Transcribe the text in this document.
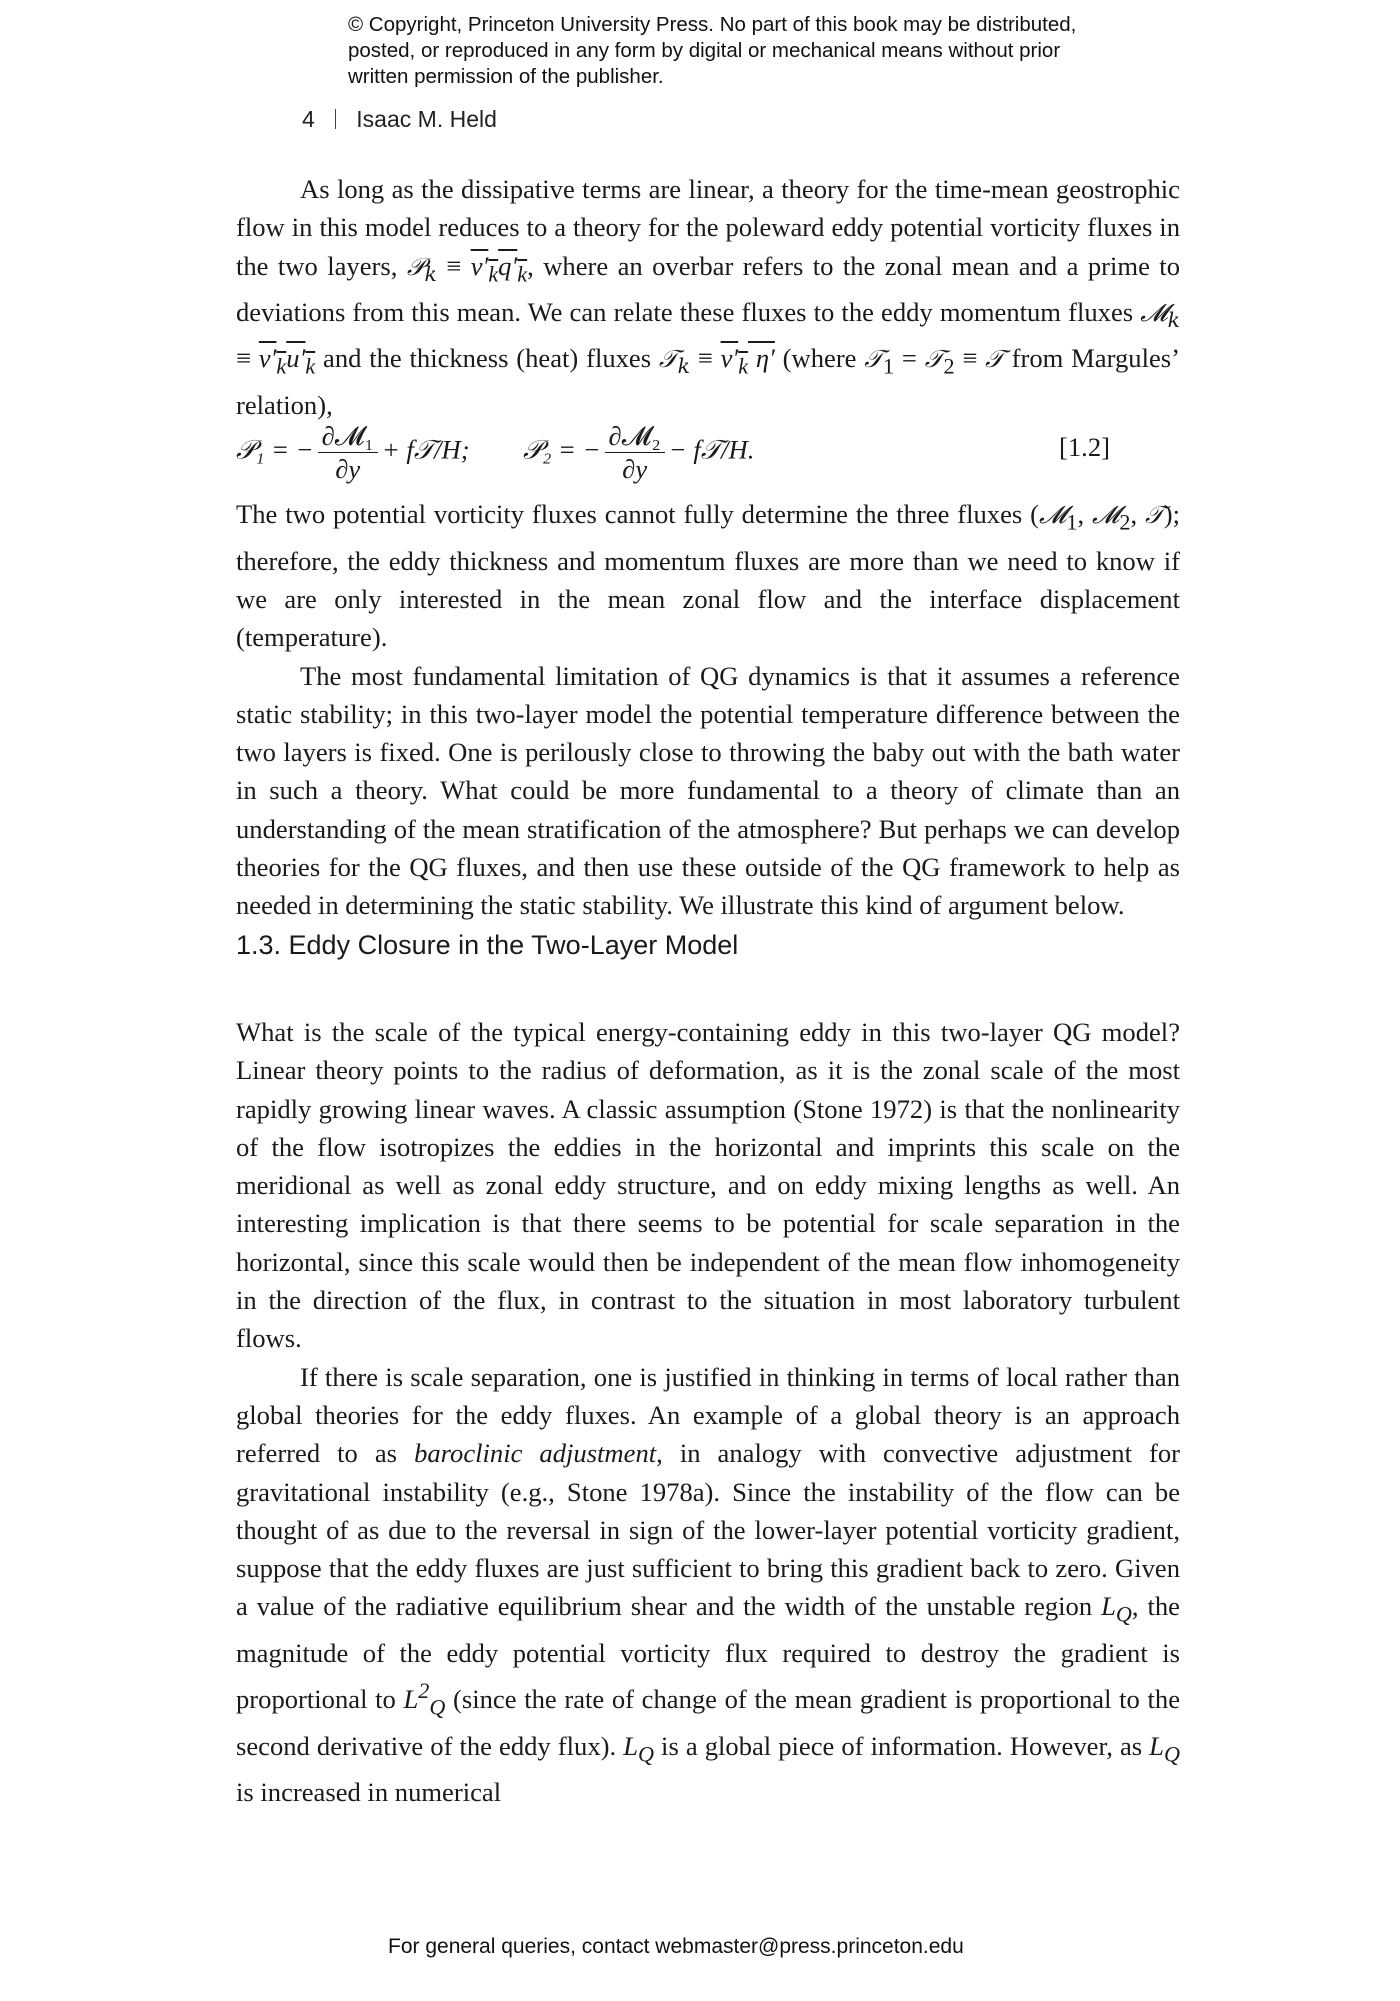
© Copyright, Princeton University Press. No part of this book may be distributed, posted, or reproduced in any form by digital or mechanical means without prior written permission of the publisher.
4 Isaac M. Held

As long as the dissipative terms are linear, a theory for the time-mean geostrophic flow in this model reduces to a theory for the poleward eddy potential vorticity fluxes in the two layers, 𝒫$_k$ ≡ $v'_kq'_k$, where an overbar refers to the zonal mean and a prime to deviations from this mean. We can relate these fluxes to the eddy momentum fluxes 𝓜$_k$ ≡ $v'_ku'_k$ and the thickness (heat) fluxes 𝒯$_k$ ≡ $v'_k$ η′ (where 𝒯$_1$ = 𝒯$_2$ ≡ 𝒯 from Margules’ relation),

𝒫₁ = − $\frac{\text{∂𝓜₁}}{\partial y}$ + f𝒯/H; 𝒫₂ = − $\frac{\text{∂𝓜₂}}{\partial y}$ − f𝒯/H.	[1.2]

The two potential vorticity fluxes cannot fully determine the three fluxes (𝓜$_1$, 𝓜$_2$, 𝒯); therefore, the eddy thickness and momentum fluxes are more than we need to know if we are only interested in the mean zonal flow and the interface displacement (temperature).

The most fundamental limitation of QG dynamics is that it assumes a reference static stability; in this two-layer model the potential temperature difference between the two layers is fixed. One is perilously close to throwing the baby out with the bath water in such a theory. What could be more fundamental to a theory of climate than an understanding of the mean stratification of the atmosphere? But perhaps we can develop theories for the QG fluxes, and then use these outside of the QG framework to help as needed in determining the static stability. We illustrate this kind of argument below.

1.3. Eddy Closure in the Two-Layer Model

What is the scale of the typical energy-containing eddy in this two-layer QG model? Linear theory points to the radius of deformation, as it is the zonal scale of the most rapidly growing linear waves. A classic assumption (Stone 1972) is that the nonlinearity of the flow isotropizes the eddies in the horizontal and imprints this scale on the meridional as well as zonal eddy structure, and on eddy mixing lengths as well. An interesting implication is that there seems to be potential for scale separation in the horizontal, since this scale would then be independent of the mean flow inhomogeneity in the direction of the flux, in contrast to the situation in most laboratory turbulent flows.

If there is scale separation, one is justified in thinking in terms of local rather than global theories for the eddy fluxes. An example of a global theory is an approach referred to as baroclinic adjustment, in analogy with convective adjustment for gravitational instability (e.g., Stone 1978a). Since the instability of the flow can be thought of as due to the reversal in sign of the lower-layer potential vorticity gradient, suppose that the eddy fluxes are just sufficient to bring this gradient back to zero. Given a value of the radiative equilibrium shear and the width of the unstable region $L_Q$, the magnitude of the eddy potential vorticity flux required to destroy the gradient is proportional to $L^2_Q$ (since the rate of change of the mean gradient is proportional to the second derivative of the eddy flux). $L_Q$ is a global piece of information. However, as $L_Q$ is increased in numerical

For general queries, contact webmaster@press.princeton.edu
